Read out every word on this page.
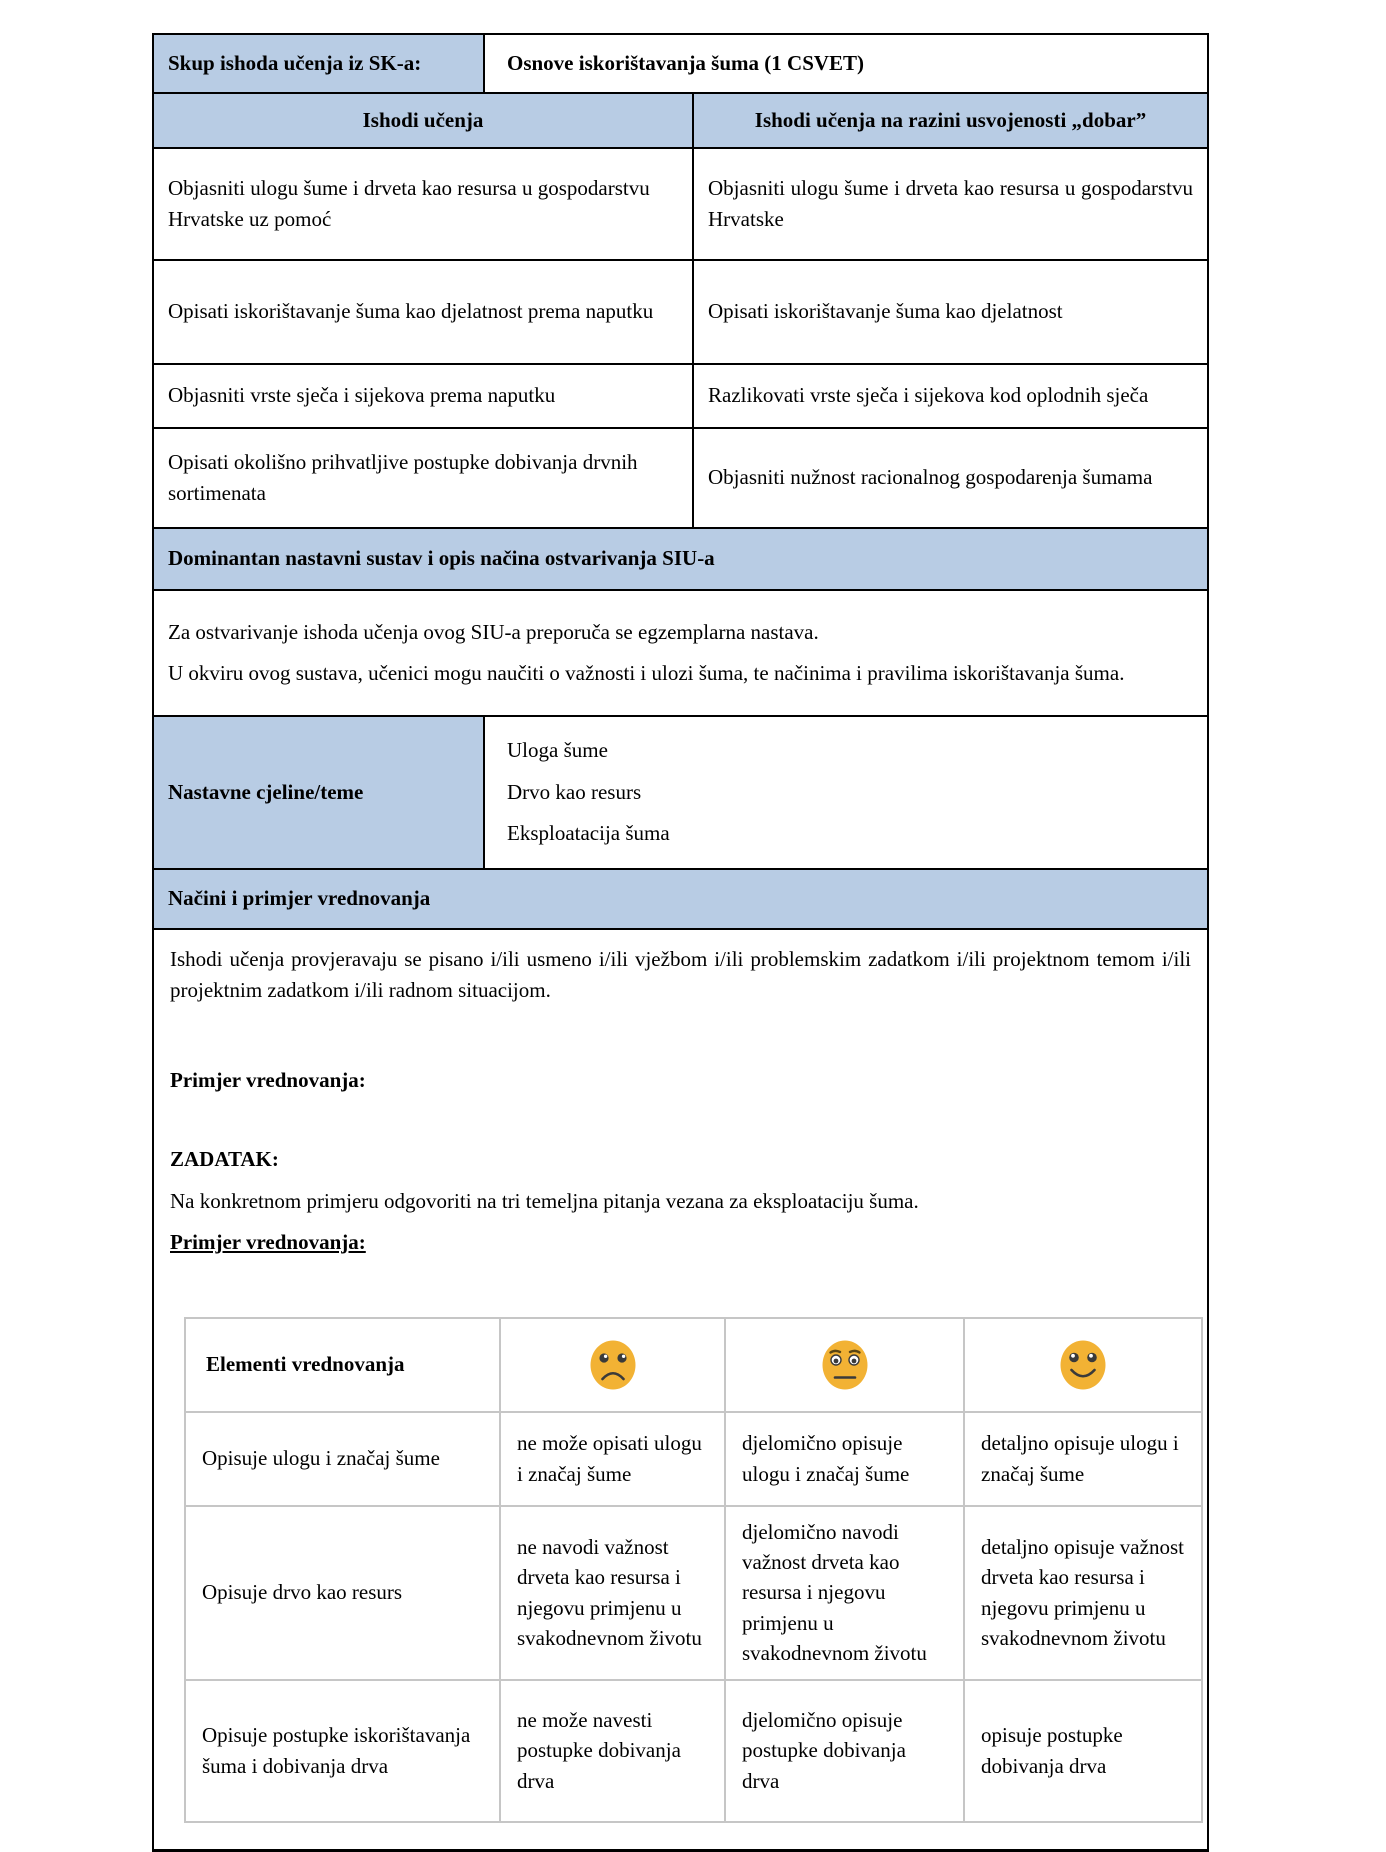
Skup ishoda učenja iz SK-a:	Osnove iskorištavanja šuma (1 CSVET)
Ishodi učenja	Ishodi učenja na razini usvojenosti „dobar”
Objasniti ulogu šume i drveta kao resursa u gospodarstvu Hrvatske uz pomoć	Objasniti ulogu šume i drveta kao resursa u gospodarstvu Hrvatske
Opisati iskorištavanje šuma kao djelatnost prema naputku	Opisati iskorištavanje šuma kao djelatnost
Objasniti vrste sječa i sijekova prema naputku	Razlikovati vrste sječa i sijekova kod oplodnih sječa
Opisati okolišno prihvatljive postupke dobivanja drvnih sortimenata	Objasniti nužnost racionalnog gospodarenja šumama
Dominantan nastavni sustav i opis načina ostvarivanja SIU-a

Za ostvarivanje ishoda učenja ovog SIU-a preporuča se egzemplarna nastava.

U okviru ovog sustava, učenici mogu naučiti o važnosti i ulozi šuma, te načinima i pravilima iskorištavanja šuma.

Nastavne cjeline/teme	
Uloga šume
Drvo kao resurs
Eksploatacija šuma

Načini i primjer vrednovanja

Ishodi učenja provjeravaju se pisano i/ili usmeno i/ili vježbom i/ili problemskim zadatkom i/ili projektnom temom i/ili projektnim zadatkom i/ili radnom situacijom.

Primjer vrednovanja:

ZADATAK:

Na konkretnom primjeru odgovoriti na tri temeljna pitanja vezana za eksploataciju šuma.

Primjer vrednovanja:

Elementi vrednovanja			
Opisuje ulogu i značaj šume	ne može opisati ulogu i značaj šume	djelomično opisuje ulogu i značaj šume	detaljno opisuje ulogu i značaj šume
Opisuje drvo kao resurs	ne navodi važnost drveta kao resursa i njegovu primjenu u svakodnevnom životu	djelomično navodi važnost drveta kao resursa i njegovu primjenu u svakodnevnom životu	detaljno opisuje važnost drveta kao resursa i njegovu primjenu u svakodnevnom životu
Opisuje postupke iskorištavanja šuma i dobivanja drva	ne može navesti postupke dobivanja drva	djelomično opisuje postupke dobivanja drva	opisuje postupke dobivanja drva
